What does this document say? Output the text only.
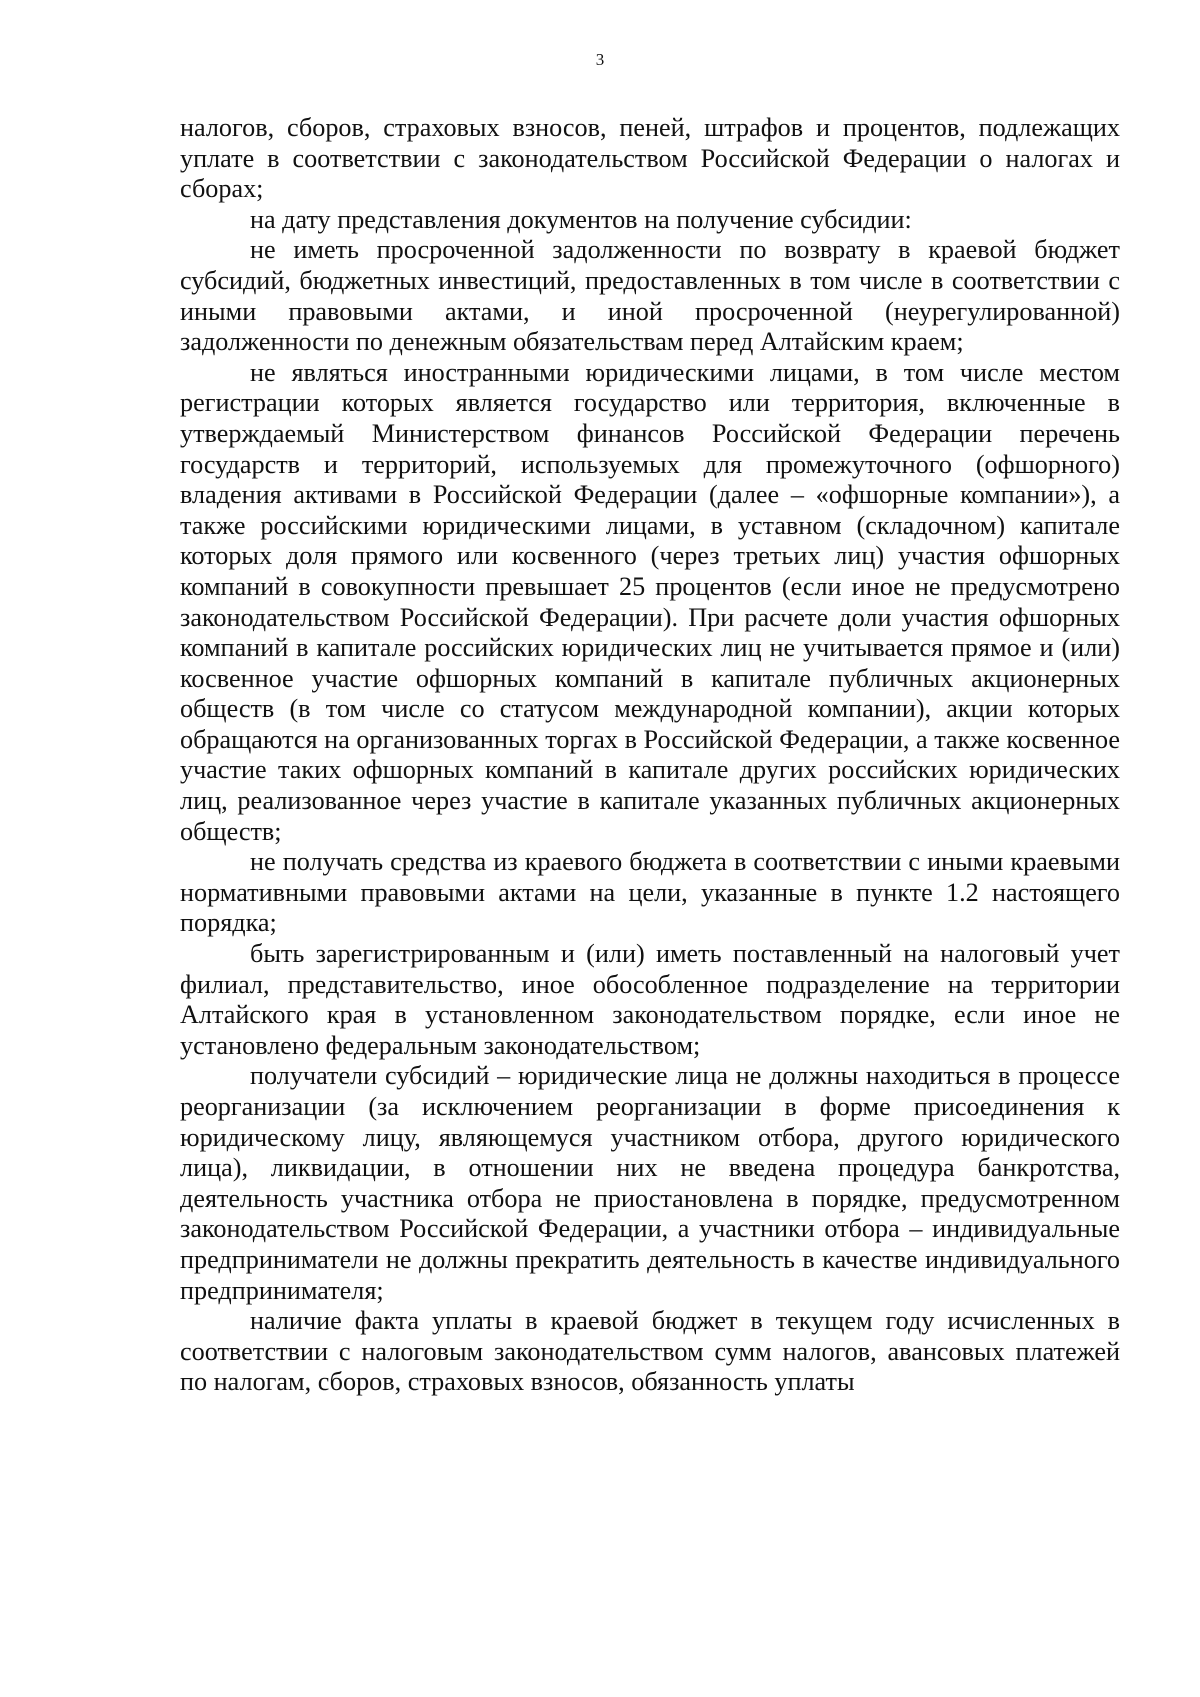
3

налогов, сборов, страховых взносов, пеней, штрафов и процентов, подлежащих уплате в соответствии с законодательством Российской Федерации о налогах и сборах;

на дату представления документов на получение субсидии:

не иметь просроченной задолженности по возврату в краевой бюджет субсидий, бюджетных инвестиций, предоставленных в том числе в соответствии с иными правовыми актами, и иной просроченной (неурегулированной) задолженности по денежным обязательствам перед Алтайским краем;

не являться иностранными юридическими лицами, в том числе местом регистрации которых является государство или территория, включенные в утверждаемый Министерством финансов Российской Федерации перечень государств и территорий, используемых для промежуточного (офшорного) владения активами в Российской Федерации (далее – «офшорные компании»), а также российскими юридическими лицами, в уставном (складочном) капитале которых доля прямого или косвенного (через третьих лиц) участия офшорных компаний в совокупности превышает 25 процентов (если иное не предусмотрено законодательством Российской Федерации). При расчете доли участия офшорных компаний в капитале российских юридических лиц не учитывается прямое и (или) косвенное участие офшорных компаний в капитале публичных акционерных обществ (в том числе со статусом международной компании), акции которых обращаются на организованных торгах в Российской Федерации, а также косвенное участие таких офшорных компаний в капитале других российских юридических лиц, реализованное через участие в капитале указанных публичных акционерных обществ;

не получать средства из краевого бюджета в соответствии с иными краевыми нормативными правовыми актами на цели, указанные в пункте 1.2 настоящего порядка;

быть зарегистрированным и (или) иметь поставленный на налоговый учет филиал, представительство, иное обособленное подразделение на территории Алтайского края в установленном законодательством порядке, если иное не установлено федеральным законодательством;

получатели субсидий – юридические лица не должны находиться в процессе реорганизации (за исключением реорганизации в форме присоединения к юридическому лицу, являющемуся участником отбора, другого юридического лица), ликвидации, в отношении них не введена процедура банкротства, деятельность участника отбора не приостановлена в порядке, предусмотренном законодательством Российской Федерации, а участники отбора – индивидуальные предприниматели не должны прекратить деятельность в качестве индивидуального предпринимателя;

наличие факта уплаты в краевой бюджет в текущем году исчисленных в соответствии с налоговым законодательством сумм налогов, авансовых платежей по налогам, сборов, страховых взносов, обязанность уплаты
